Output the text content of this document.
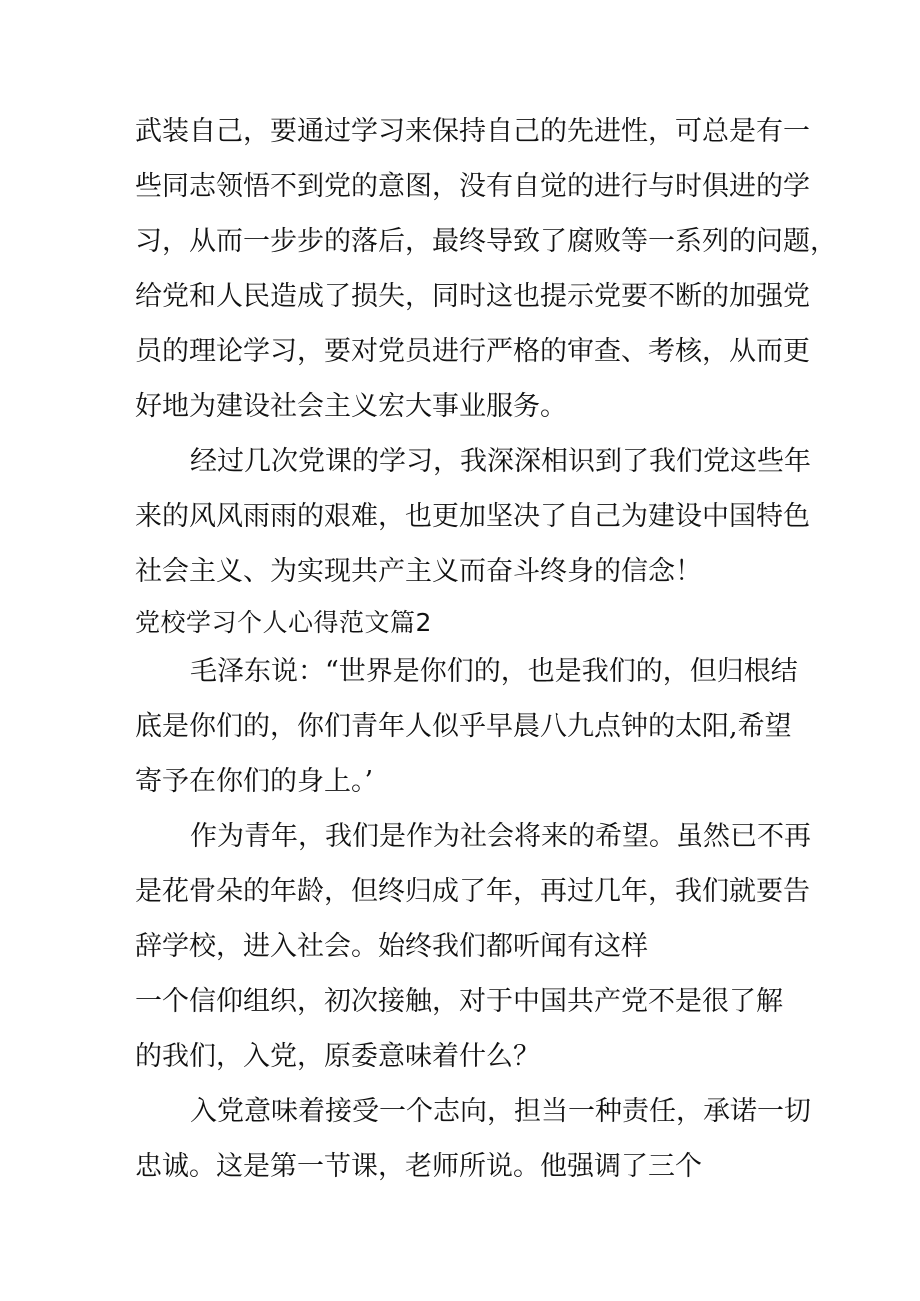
武装自己，要通过学习来保持自己的先进性，可总是有一
些同志领悟不到党的意图，没有自觉的进行与时俱进的学
习，从而一步步的落后，最终导致了腐败等一系列的问题，
给党和人民造成了损失，同时这也提示党要不断的加强党
员的理论学习，要对党员进行严格的审查、考核，从而更
好地为建设社会主义宏大事业服务。
经过几次党课的学习，我深深相识到了我们党这些年
来的风风雨雨的艰难，也更加坚决了自己为建设中国特色
社会主义、为实现共产主义而奋斗终身的信念！
党校学习个人心得范文篇2
毛泽东说：“世界是你们的，也是我们的，但归根结
底是你们的，你们青年人似乎早晨八九点钟的太阳,希望
寄予在你们的身上。’
作为青年，我们是作为社会将来的希望。虽然已不再
是花骨朵的年龄，但终归成了年，再过几年，我们就要告
辞学校，进入社会。始终我们都听闻有这样
一个信仰组织，初次接触，对于中国共产党不是很了解
的我们，入党，原委意味着什么？
入党意味着接受一个志向，担当一种责任，承诺一切
忠诚。这是第一节课，老师所说。他强调了三个
